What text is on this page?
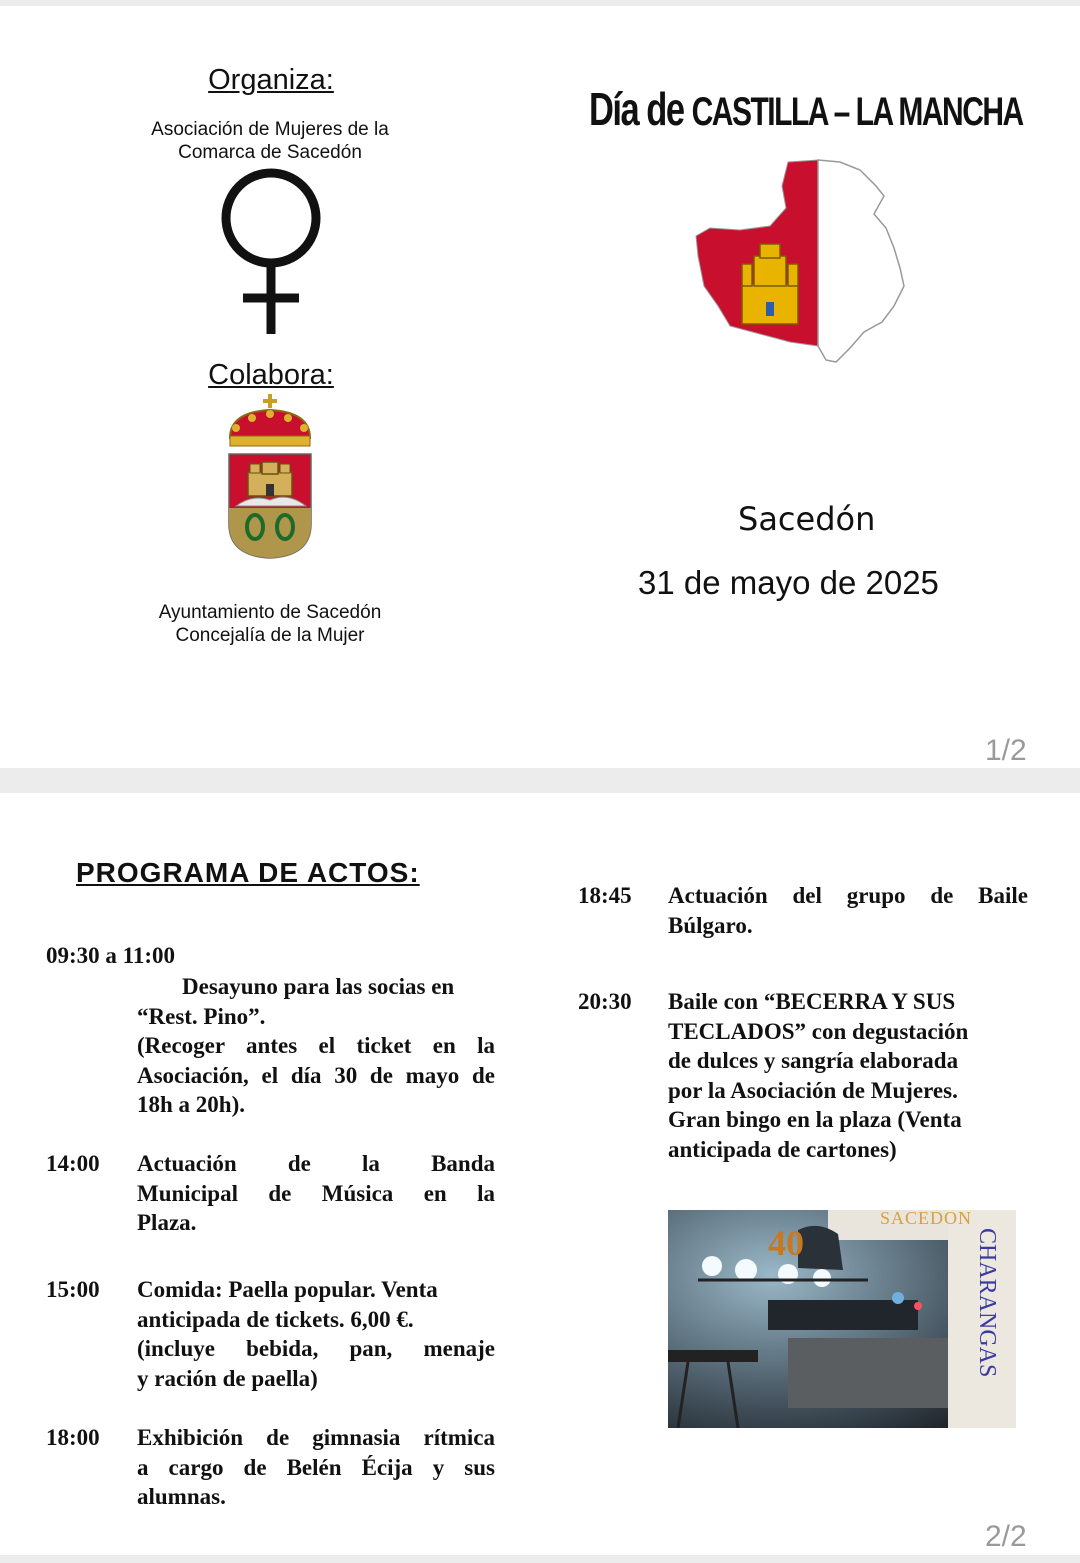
Organiza:
Asociación de Mujeres de la
Comarca de Sacedón
Colabora:
Ayuntamiento de Sacedón
Concejalía de la Mujer
Día de CASTILLA – LA MANCHA
Sacedón
31 de mayo de 2025
1/2
PROGRAMA DE ACTOS:
09:30 a 11:00
Desayuno para las socias en
“Rest. Pino”.
(Recoger antes el ticket en la
Asociación, el día 30 de mayo de
18h a 20h).
14:00	Actuación de la Banda
Municipal de Música en la
Plaza.
15:00	Comida: Paella popular. Venta
anticipada de tickets. 6,00 €.
(incluye bebida, pan, menaje
y ración de paella)
18:00	Exhibición de gimnasia rítmica
a cargo de Belén Écija y sus
alumnas.
18:45	Actuación del grupo de Baile
Búlgaro.
20:30	Baile con “BECERRA Y SUS
TECLADOS” con degustación
de dulces y sangría elaborada
por la Asociación de Mujeres.
Gran bingo en la plaza (Venta
anticipada de cartones)
SACEDON
40	CHARANGAS
2/2
